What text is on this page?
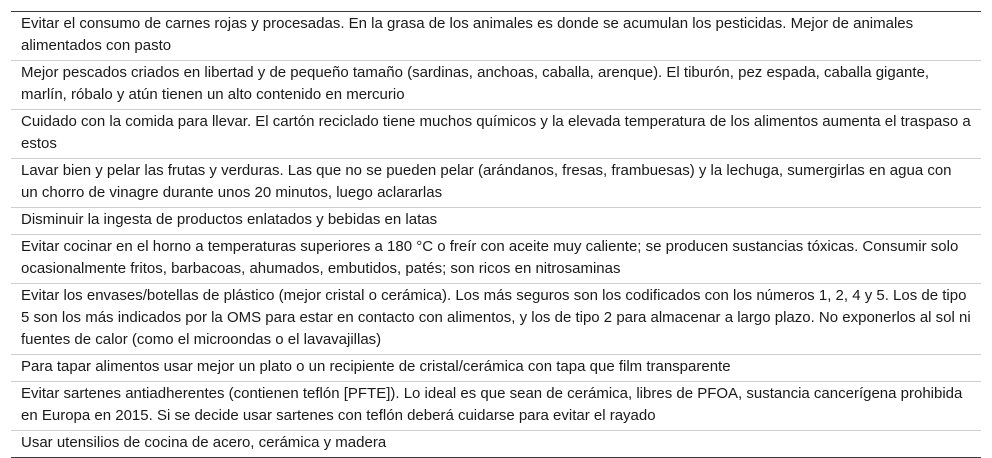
Evitar el consumo de carnes rojas y procesadas. En la grasa de los animales es donde se acumulan los pesticidas. Mejor de animales alimentados con pasto
Mejor pescados criados en libertad y de pequeño tamaño (sardinas, anchoas, caballa, arenque). El tiburón, pez espada, caballa gigante, marlín, róbalo y atún tienen un alto contenido en mercurio
Cuidado con la comida para llevar. El cartón reciclado tiene muchos químicos y la elevada temperatura de los alimentos aumenta el traspaso a estos
Lavar bien y pelar las frutas y verduras. Las que no se pueden pelar (arándanos, fresas, frambuesas) y la lechuga, sumergirlas en agua con un chorro de vinagre durante unos 20 minutos, luego aclararlas
Disminuir la ingesta de productos enlatados y bebidas en latas
Evitar cocinar en el horno a temperaturas superiores a 180 °C o freír con aceite muy caliente; se producen sustancias tóxicas. Consumir solo ocasionalmente fritos, barbacoas, ahumados, embutidos, patés; son ricos en nitrosaminas
Evitar los envases/botellas de plástico (mejor cristal o cerámica). Los más seguros son los codificados con los números 1, 2, 4 y 5. Los de tipo 5 son los más indicados por la OMS para estar en contacto con alimentos, y los de tipo 2 para almacenar a largo plazo. No exponerlos al sol ni fuentes de calor (como el microondas o el lavavajillas)
Para tapar alimentos usar mejor un plato o un recipiente de cristal/cerámica con tapa que film transparente
Evitar sartenes antiadherentes (contienen teflón [PFTE]). Lo ideal es que sean de cerámica, libres de PFOA, sustancia cancerígena prohibida en Europa en 2015. Si se decide usar sartenes con teflón deberá cuidarse para evitar el rayado
Usar utensilios de cocina de acero, cerámica y madera
